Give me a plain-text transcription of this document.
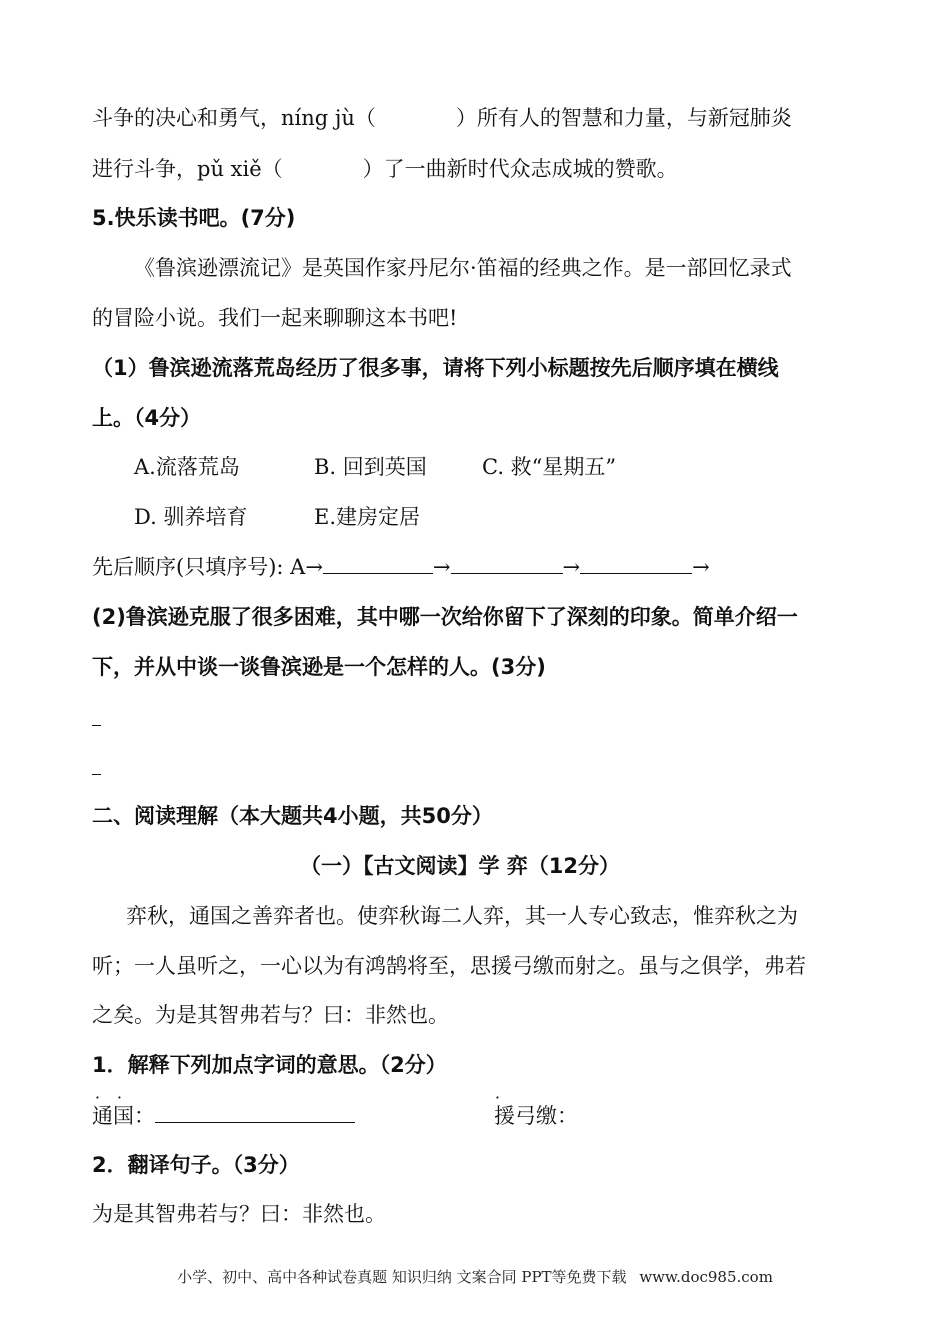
斗争的决心和勇气，níng jù（	）所有人的智慧和力量，与新冠肺炎
进行斗争，pǔ xiě（	）了一曲新时代众志成城的赞歌。
5.快乐读书吧。(7分)
《鲁滨逊漂流记》是英国作家丹尼尔·笛福的经典之作。是一部回忆录式
的冒险小说。我们一起来聊聊这本书吧!
（1）鲁滨逊流落荒岛经历了很多事，请将下列小标题按先后顺序填在横线
上。（4分）
A.流落荒岛	B. 回到英国	C. 救“星期五”
D. 驯养培育	E.建房定居
先后顺序(只填序号): A→	→	→	→
(2)鲁滨逊克服了很多困难，其中哪一次给你留下了深刻的印象。简单介绍一
下，并从中谈一谈鲁滨逊是一个怎样的人。(3分)
二、阅读理解（本大题共4小题，共50分）
（一）【古文阅读】学 弈（12分）
弈秋，通国之善弈者也。使弈秋诲二人弈，其一人专心致志，惟弈秋之为
听；一人虽听之，一心以为有鸿鹄将至，思援弓缴而射之。虽与之俱学，弗若
之矣。为是其智弗若与？曰：非然也。
1．解释下列加点字词的意思。（2分）
． ．	．
通国：	援弓缴：
2．翻译句子。（3分）
为是其智弗若与？曰：非然也。
小学、初中、高中各种试卷真题 知识归纳 文案合同 PPT等免费下载 www.doc985.com
